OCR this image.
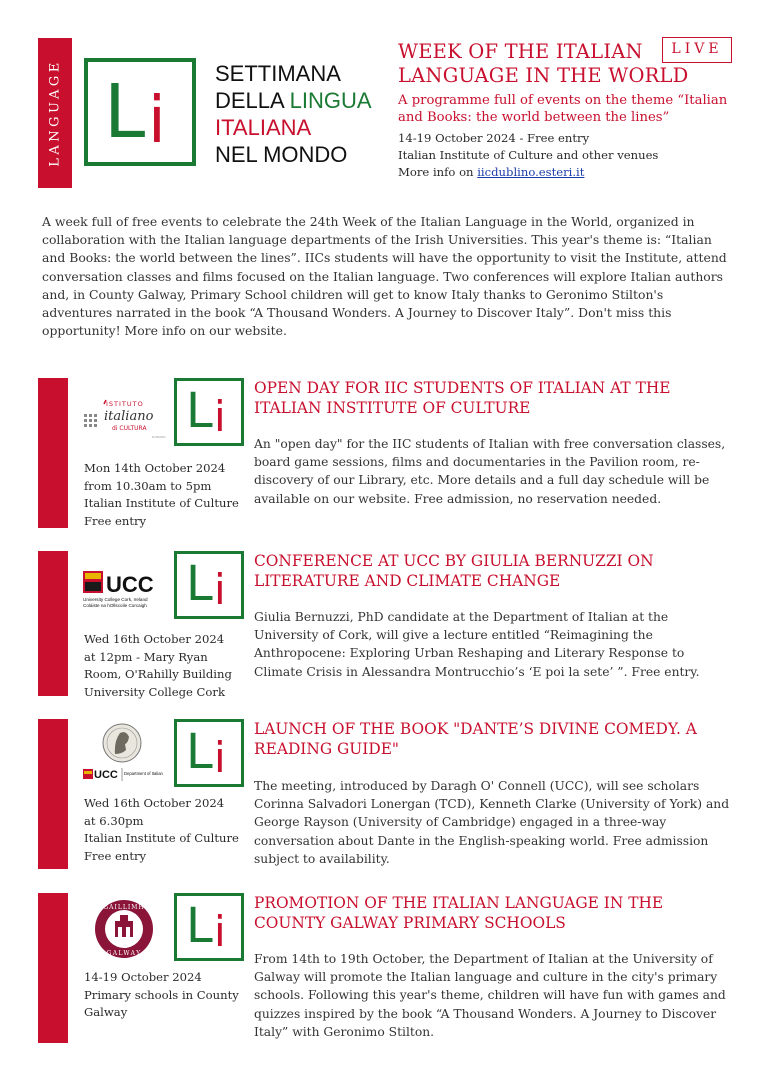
LANGUAGE L i
SETTIMANA
DELLA LINGUA
ITALIANA
NEL MONDO
WEEK OF THE ITALIAN LANGUAGE IN THE WORLD
LIVE
A programme full of events on the theme “Italian and Books: the world between the lines”
14-19 October 2024 - Free entry
Italian Institute of Culture and other venues
More info on iicdublino.esteri.it
A week full of free events to celebrate the 24th Week of the Italian Language in the World, organized in collaboration with the Italian language departments of the Irish Universities. This year's theme is: “Italian and Books: the world between the lines”. IICs students will have the opportunity to visit the Institute, attend conversation classes and films focused on the Italian language. Two conferences will explore Italian authors and, in County Galway, Primary School children will get to know Italy thanks to Geronimo Stilton's adventures narrated in the book “A Thousand Wonders. A Journey to Discover Italy”. Don't miss this opportunity! More info on our website.
ISTITUTO
italiano
di CULTURA
DUBLINO L i
Mon 14th October 2024
from 10.30am to 5pm
Italian Institute of Culture
Free entry
OPEN DAY FOR IIC STUDENTS OF ITALIAN AT THE ITALIAN INSTITUTE OF CULTURE
An "open day" for the IIC students of Italian with free conversation classes, board game sessions, films and documentaries in the Pavilion room, re-discovery of our Library, etc. More details and a full day schedule will be available on our website. Free admission, no reservation needed.
UCC
University College Cork, Ireland
Coláiste na hOllscoile Corcaigh L i
Wed 16th October 2024
at 12pm - Mary Ryan
Room, O'Rahilly Building
University College Cork
CONFERENCE AT UCC BY GIULIA BERNUZZI ON LITERATURE AND CLIMATE CHANGE
Giulia Bernuzzi, PhD candidate at the Department of Italian at the University of Cork, will give a lecture entitled “Reimagining the Anthropocene: Exploring Urban Reshaping and Literary Response to Climate Crisis in Alessandra Montrucchio’s ‘E poi la sete’ ”. Free entry.
UCC Department of Italian L i
Wed 16th October 2024
at 6.30pm
Italian Institute of Culture
Free entry
LAUNCH OF THE BOOK "DANTE’S DIVINE COMEDY. A READING GUIDE"
The meeting, introduced by Daragh O' Connell (UCC), will see scholars Corinna Salvadori Lonergan (TCD), Kenneth Clarke (University of York) and George Rayson (University of Cambridge) engaged in a three-way conversation about Dante in the English-speaking world. Free admission subject to availability.
GAILLIMH
GALWAY L i
14-19 October 2024
Primary schools in County
Galway
PROMOTION OF THE ITALIAN LANGUAGE IN THE COUNTY GALWAY PRIMARY SCHOOLS
From 14th to 19th October, the Department of Italian at the University of Galway will promote the Italian language and culture in the city's primary schools. Following this year's theme, children will have fun with games and quizzes inspired by the book “A Thousand Wonders. A Journey to Discover Italy” with Geronimo Stilton.
